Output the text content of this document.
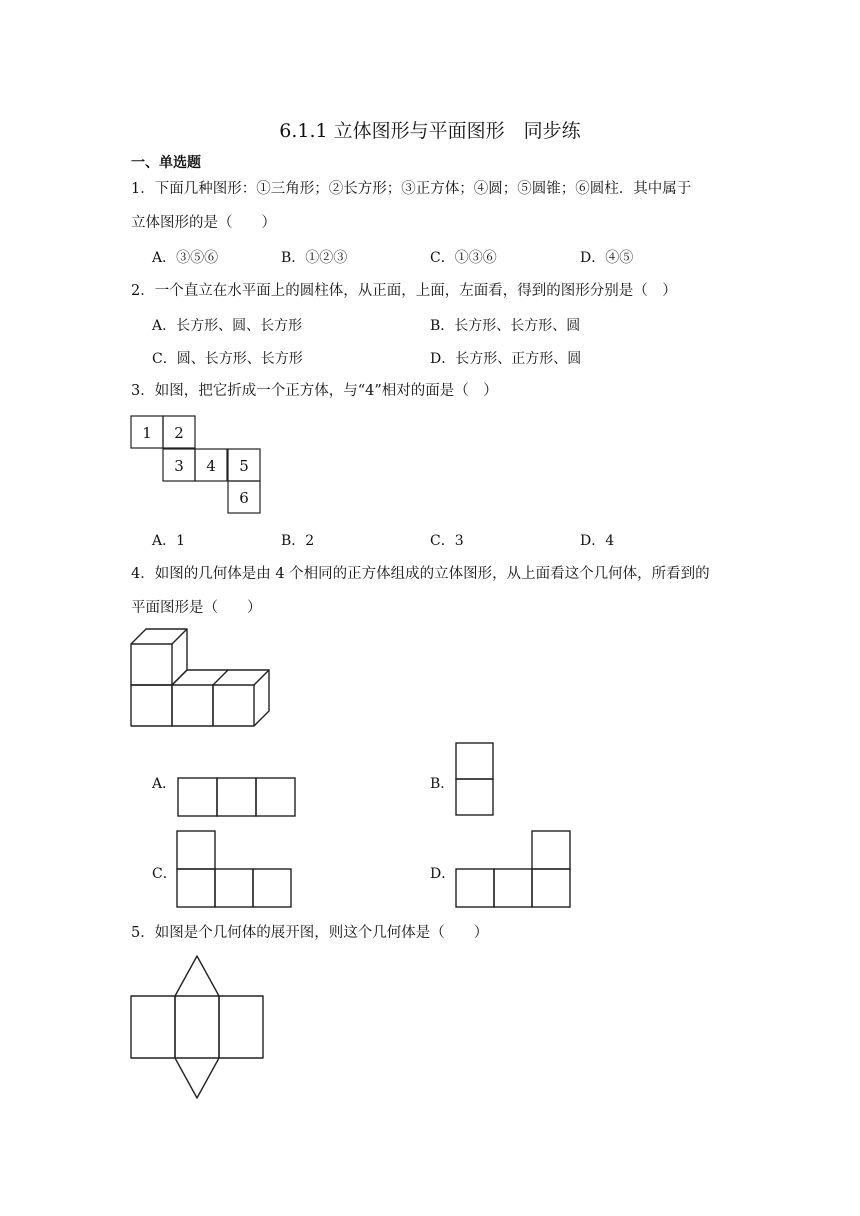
6.1.1 立体图形与平面图形　同步练
一、单选题
1．下面几种图形：①三角形；②长方形；③正方体；④圆；⑤圆锥；⑥圆柱．其中属于
立体图形的是（　　）
A．③⑤⑥	B．①②③	C．①③⑥	D．④⑤
2．一个直立在水平面上的圆柱体，从正面，上面，左面看，得到的图形分别是（　）
A．长方形、圆、长方形	B．长方形、长方形、圆
C．圆、长方形、长方形	D．长方形、正方形、圆
3．如图，把它折成一个正方体，与“4”相对的面是（　）
1 2
3 4 5
6
A．1	B．2	C．3	D．4
4．如图的几何体是由 4 个相同的正方体组成的立体图形，从上面看这个几何体，所看到的
平面图形是（　　）
A．	B．
C．	D．
5．如图是个几何体的展开图，则这个几何体是（　　）
